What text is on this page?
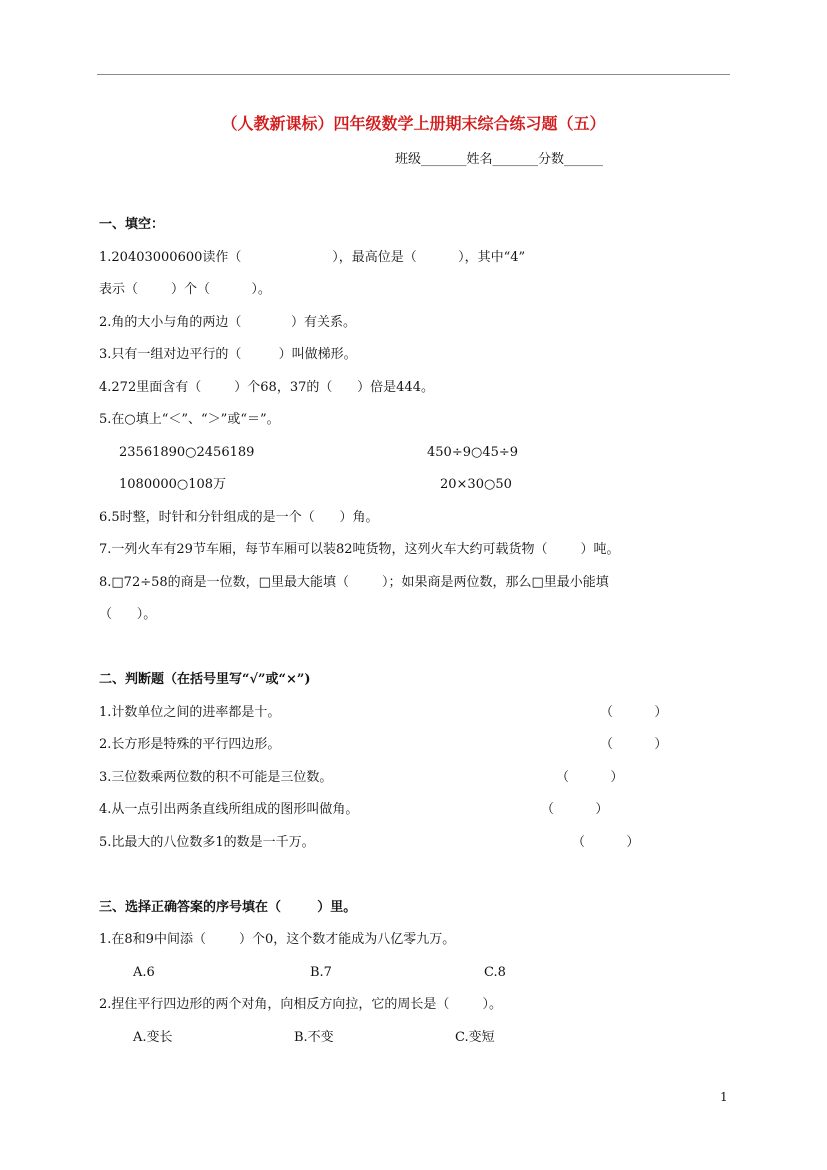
（人教新课标）四年级数学上册期末综合练习题（五）
班级_______姓名_______分数______
一、填空：
1.20403000600读作（                      ），最高位是（          ），其中“4”
表示（        ）个（          ）。
2.角的大小与角的两边（            ）有关系。
3.只有一组对边平行的（         ）叫做梯形。
4.272里面含有（        ）个68，37的（      ）倍是444。
5.在○填上“＜”、“＞”或“＝”。
23561890○2456189	450÷9○45÷9
1080000○108万	20×30○50
6.5时整，时针和分针组成的是一个（      ）角。
7.一列火车有29节车厢，每节车厢可以装82吨货物，这列火车大约可载货物（        ）吨。
8.□72÷58的商是一位数，□里最大能填（        ）；如果商是两位数，那么□里最小能填
（      ）。
二、判断题（在括号里写“√”或“×”)
1.计数单位之间的进率都是十。	（          ）
2.长方形是特殊的平行四边形。	（          ）
3.三位数乘两位数的积不可能是三位数。	（          ）
4.从一点引出两条直线所组成的图形叫做角。	（          ）
5.比最大的八位数多1的数是一千万。	（          ）
三、选择正确答案的序号填在（        ）里。
1.在8和9中间添（        ）个0，这个数才能成为八亿零九万。
A.6	B.7	C.8
2.捏住平行四边形的两个对角，向相反方向拉，它的周长是（        ）。
A.变长	B.不变	C.变短
1
